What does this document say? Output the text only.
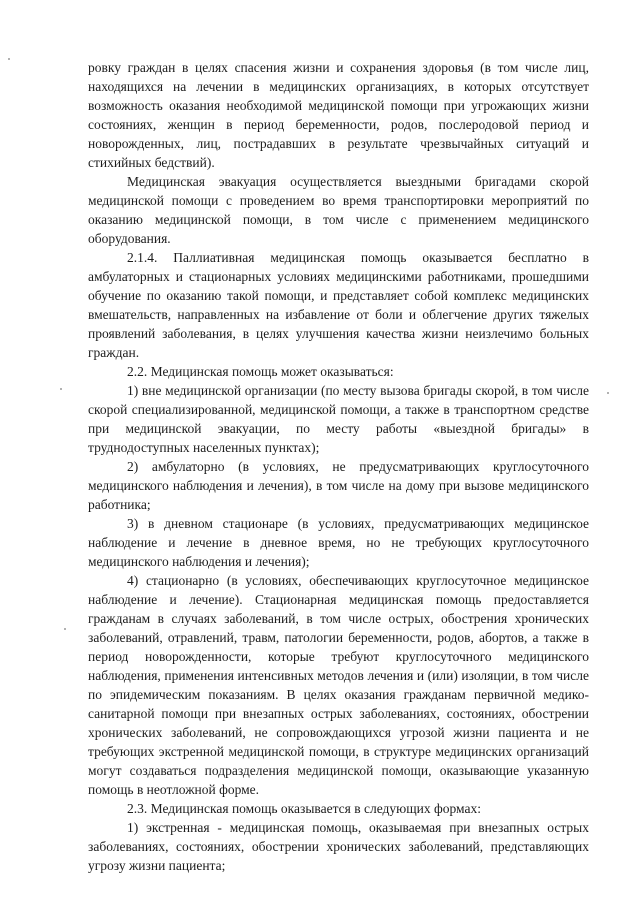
ровку граждан в целях спасения жизни и сохранения здоровья (в том числе лиц, находящихся на лечении в медицинских организациях, в которых отсутствует возможность оказания необходимой медицинской помощи при угрожающих жизни состояниях, женщин в период беременности, родов, послеродовой период и новорожденных, лиц, пострадавших в результате чрезвычайных ситуаций и стихийных бедствий).

Медицинская эвакуация осуществляется выездными бригадами скорой медицинской помощи с проведением во время транспортировки мероприятий по оказанию медицинской помощи, в том числе с применением медицинского оборудования.

2.1.4. Паллиативная медицинская помощь оказывается бесплатно в амбулаторных и стационарных условиях медицинскими работниками, прошедшими обучение по оказанию такой помощи, и представляет собой комплекс медицинских вмешательств, направленных на избавление от боли и облегчение других тяжелых проявлений заболевания, в целях улучшения качества жизни неизлечимо больных граждан.

2.2. Медицинская помощь может оказываться:

1) вне медицинской организации (по месту вызова бригады скорой, в том числе скорой специализированной, медицинской помощи, а также в транспортном средстве при медицинской эвакуации, по месту работы «выездной бригады» в труднодоступных населенных пунктах);

2) амбулаторно (в условиях, не предусматривающих круглосуточного медицинского наблюдения и лечения), в том числе на дому при вызове медицинского работника;

3) в дневном стационаре (в условиях, предусматривающих медицинское наблюдение и лечение в дневное время, но не требующих круглосуточного медицинского наблюдения и лечения);

4) стационарно (в условиях, обеспечивающих круглосуточное медицинское наблюдение и лечение). Стационарная медицинская помощь предоставляется гражданам в случаях заболеваний, в том числе острых, обострения хронических заболеваний, отравлений, травм, патологии беременности, родов, абортов, а также в период новорожденности, которые требуют круглосуточного медицинского наблюдения, применения интенсивных методов лечения и (или) изоляции, в том числе по эпидемическим показаниям. В целях оказания гражданам первичной медико-санитарной помощи при внезапных острых заболеваниях, состояниях, обострении хронических заболеваний, не сопровождающихся угрозой жизни пациента и не требующих экстренной медицинской помощи, в структуре медицинских организаций могут создаваться подразделения медицинской помощи, оказывающие указанную помощь в неотложной форме.

2.3. Медицинская помощь оказывается в следующих формах:

1) экстренная - медицинская помощь, оказываемая при внезапных острых заболеваниях, состояниях, обострении хронических заболеваний, представляющих угрозу жизни пациента;
